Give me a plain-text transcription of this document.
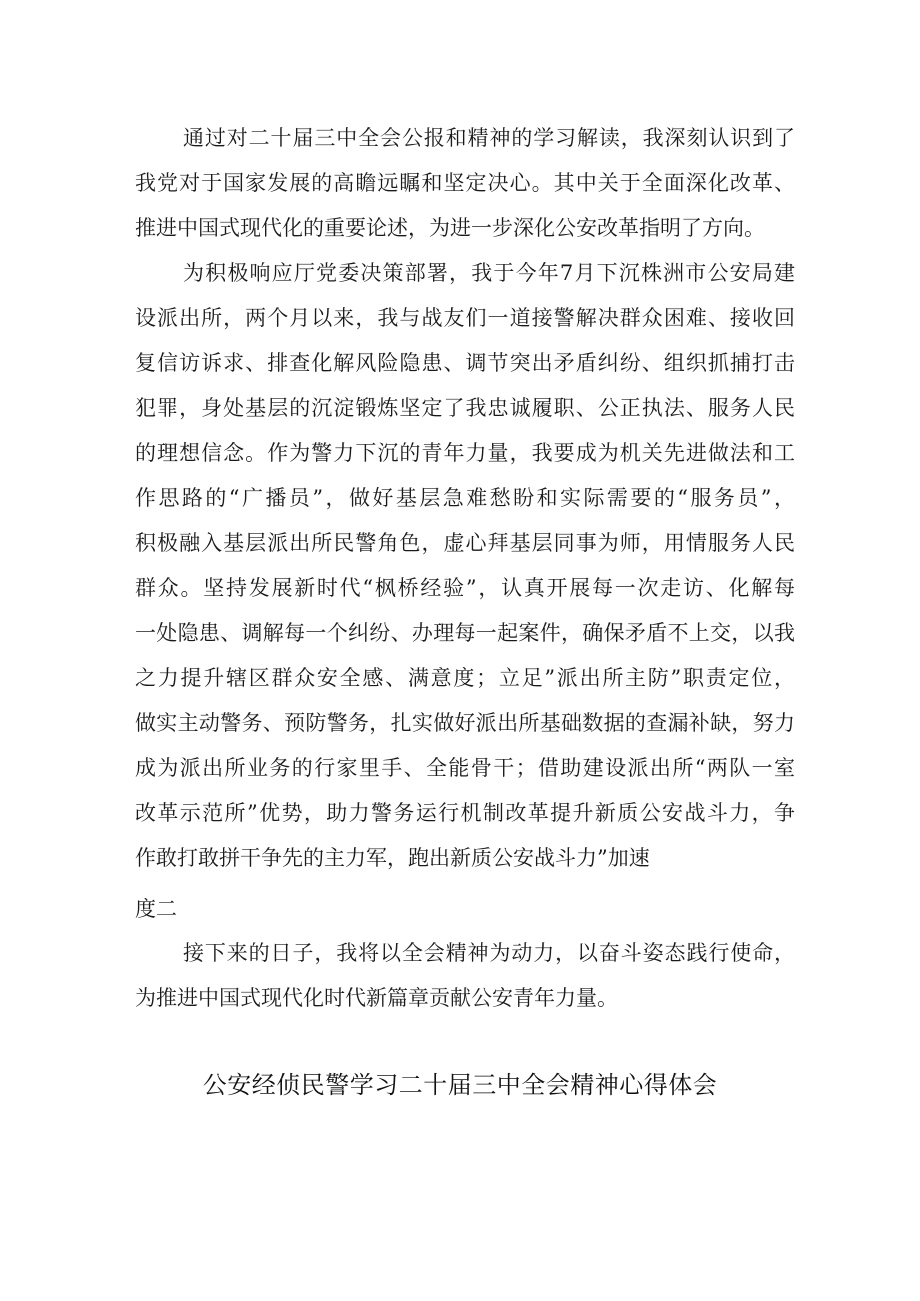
通过对二十届三中全会公报和精神的学习解读，我深刻认识到了
我党对于国家发展的高瞻远瞩和坚定决心。其中关于全面深化改革、
推进中国式现代化的重要论述，为进一步深化公安改革指明了方向。
为积极响应厅党委决策部署，我于今年7月下沉株洲市公安局建
设派出所，两个月以来，我与战友们一道接警解决群众困难、接收回
复信访诉求、排查化解风险隐患、调节突出矛盾纠纷、组织抓捕打击
犯罪，身处基层的沉淀锻炼坚定了我忠诚履职、公正执法、服务人民
的理想信念。作为警力下沉的青年力量，我要成为机关先进做法和工
作思路的“广播员”，做好基层急难愁盼和实际需要的“服务员”，
积极融入基层派出所民警角色，虚心拜基层同事为师，用情服务人民
群众。坚持发展新时代“枫桥经验”，认真开展每一次走访、化解每
一处隐患、调解每一个纠纷、办理每一起案件，确保矛盾不上交，以我
之力提升辖区群众安全感、满意度；立足”派出所主防”职责定位，
做实主动警务、预防警务，扎实做好派出所基础数据的查漏补缺，努力
成为派出所业务的行家里手、全能骨干；借助建设派出所“两队一室
改革示范所”优势，助力警务运行机制改革提升新质公安战斗力，争
作敢打敢拼干争先的主力军，跑出新质公安战斗力”加速
度二
接下来的日子，我将以全会精神为动力，以奋斗姿态践行使命，
为推进中国式现代化时代新篇章贡献公安青年力量。
公安经侦民警学习二十届三中全会精神心得体会
